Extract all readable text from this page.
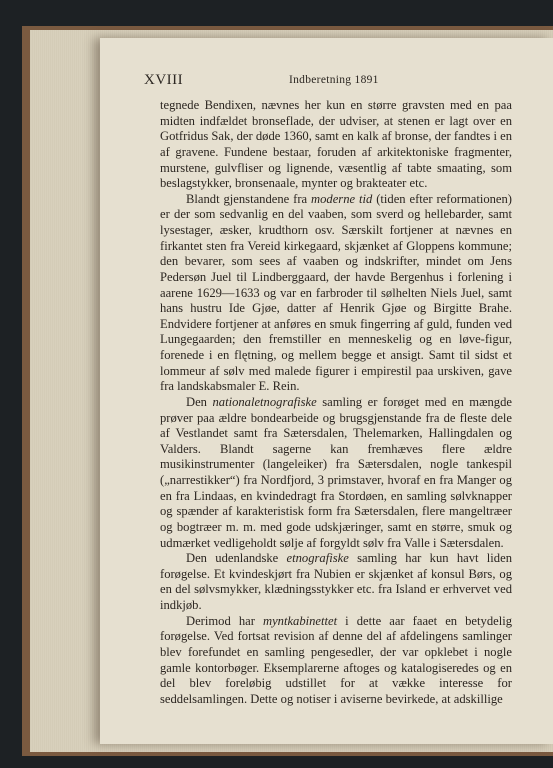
XVIII	Indberetning 1891

tegnede Bendixen, nævnes her kun en større gravsten med en paa midten indfældet bronseflade, der udviser, at stenen er lagt over en Gotfridus Sak, der døde 1360, samt en kalk af bronse, der fandtes i en af gravene. Fundene bestaar, foruden af arkitektoniske fragmenter, murstene, gulvfliser og lignende, væsentlig af tabte smaating, som beslagstykker, bronsenaale, mynter og brakteater etc.

Blandt gjenstandene fra moderne tid (tiden efter reformationen) er der som sedvanlig en del vaaben, som sverd og hellebarder, samt lysestager, æsker, krudthorn osv. Særskilt fortjener at nævnes en firkantet sten fra Vereid kirkegaard, skjænket af Gloppens kommune; den bevarer, som sees af vaaben og indskrifter, mindet om Jens Pedersøn Juel til Lindberggaard, der havde Bergenhus i forlening i aarene 1629—1633 og var en farbroder til sølhelten Niels Juel, samt hans hustru Ide Gjøe, datter af Henrik Gjøe og Birgitte Brahe. Endvidere fortjener at anføres en smuk fingerring af guld, funden ved Lungegaarden; den fremstiller en menneskelig og en løve-figur, forenede i en flętning, og mellem begge et ansigt. Samt til sidst et lommeur af sølv med malede figurer i empirestil paa urskiven, gave fra landskabsmaler E. Rein.

Den nationaletnografiske samling er forøget med en mængde prøver paa ældre bondearbeide og brugsgjenstande fra de fleste dele af Vestlandet samt fra Sætersdalen, Thelemarken, Hallingdalen og Valders. Blandt sagerne kan fremhæves flere ældre musikinstrumenter (langeleiker) fra Sætersdalen, nogle tankespil („narrestikker“) fra Nordfjord, 3 primstaver, hvoraf en fra Manger og en fra Lindaas, en kvindedragt fra Stordøen, en samling sølvknapper og spænder af karakteristisk form fra Sætersdalen, flere mangeltræer og bogtræer m. m. med gode udskjæringer, samt en større, smuk og udmærket vedligeholdt sølje af forgyldt sølv fra Valle i Sætersdalen.

Den udenlandske etnografiske samling har kun havt liden forøgelse. Et kvindeskjørt fra Nubien er skjænket af konsul Børs, og en del sølvsmykker, klædningsstykker etc. fra Island er erhvervet ved indkjøb.

Derimod har myntkabinettet i dette aar faaet en betydelig forøgelse. Ved fortsat revision af denne del af afdelingens samlinger blev forefundet en samling pengesedler, der var opklebet i nogle gamle kontorbøger. Eksemplarerne aftoges og katalogiseredes og en del blev foreløbig udstillet for at vække interesse for seddelsamlingen. Dette og notiser i aviserne bevirkede, at adskillige
